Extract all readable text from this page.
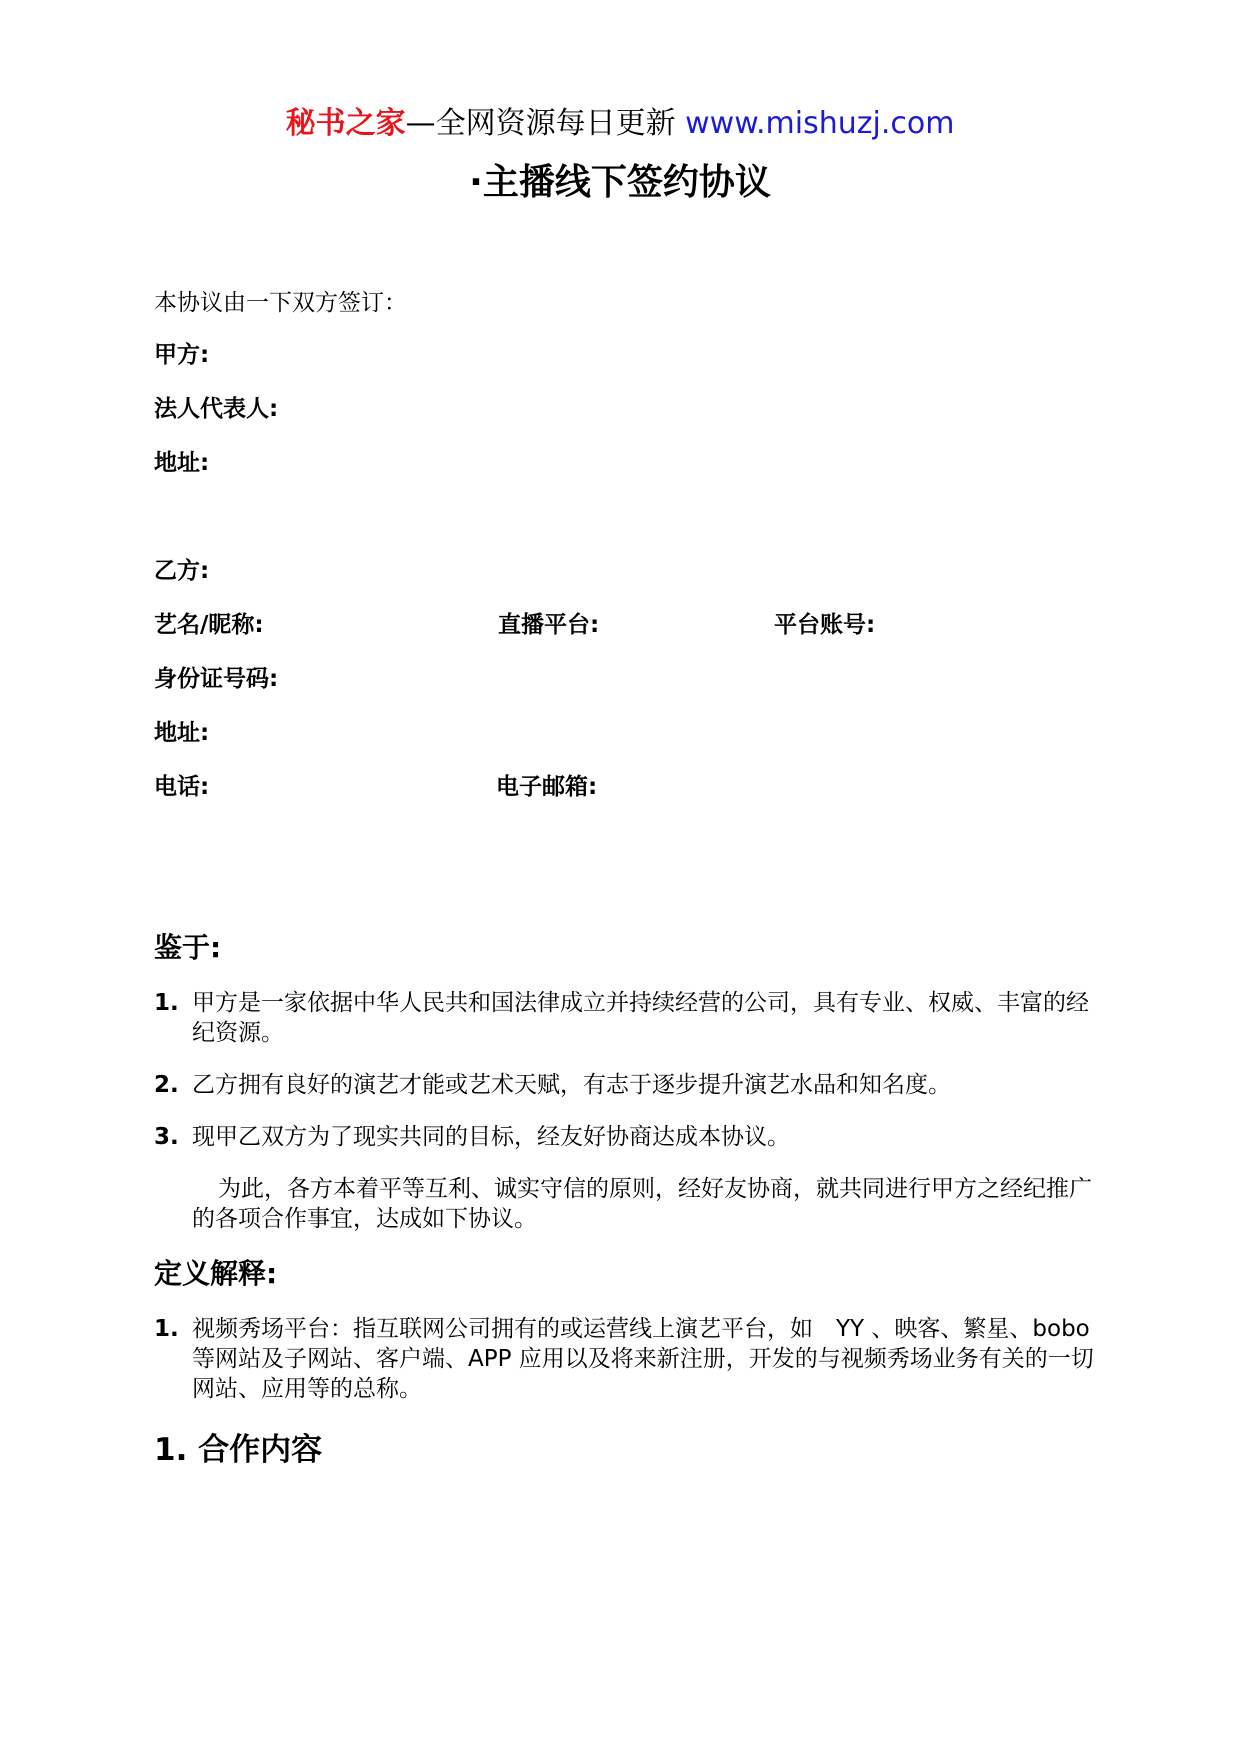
秘书之家—全网资源每日更新 www.mishuzj.com
·主播线下签约协议
本协议由一下双方签订：
甲方:
法人代表人:
地址:
乙方:
艺名/昵称:	直播平台:	平台账号:
身份证号码:
地址:
电话:	电子邮箱:
鉴于:
1. 甲方是一家依据中华人民共和国法律成立并持续经营的公司，具有专业、权威、丰富的经纪资源。
2. 乙方拥有良好的演艺才能或艺术天赋，有志于逐步提升演艺水品和知名度。
3. 现甲乙双方为了现实共同的目标，经友好协商达成本协议。
为此，各方本着平等互利、诚实守信的原则，经好友协商，就共同进行甲方之经纪推广的各项合作事宜，达成如下协议。
定义解释:
1. 视频秀场平台：指互联网公司拥有的或运营线上演艺平台，如　YY 、映客、繁星、bobo　等网站及子网站、客户端、APP 应用以及将来新注册，开发的与视频秀场业务有关的一切网站、应用等的总称。
1. 合作内容
